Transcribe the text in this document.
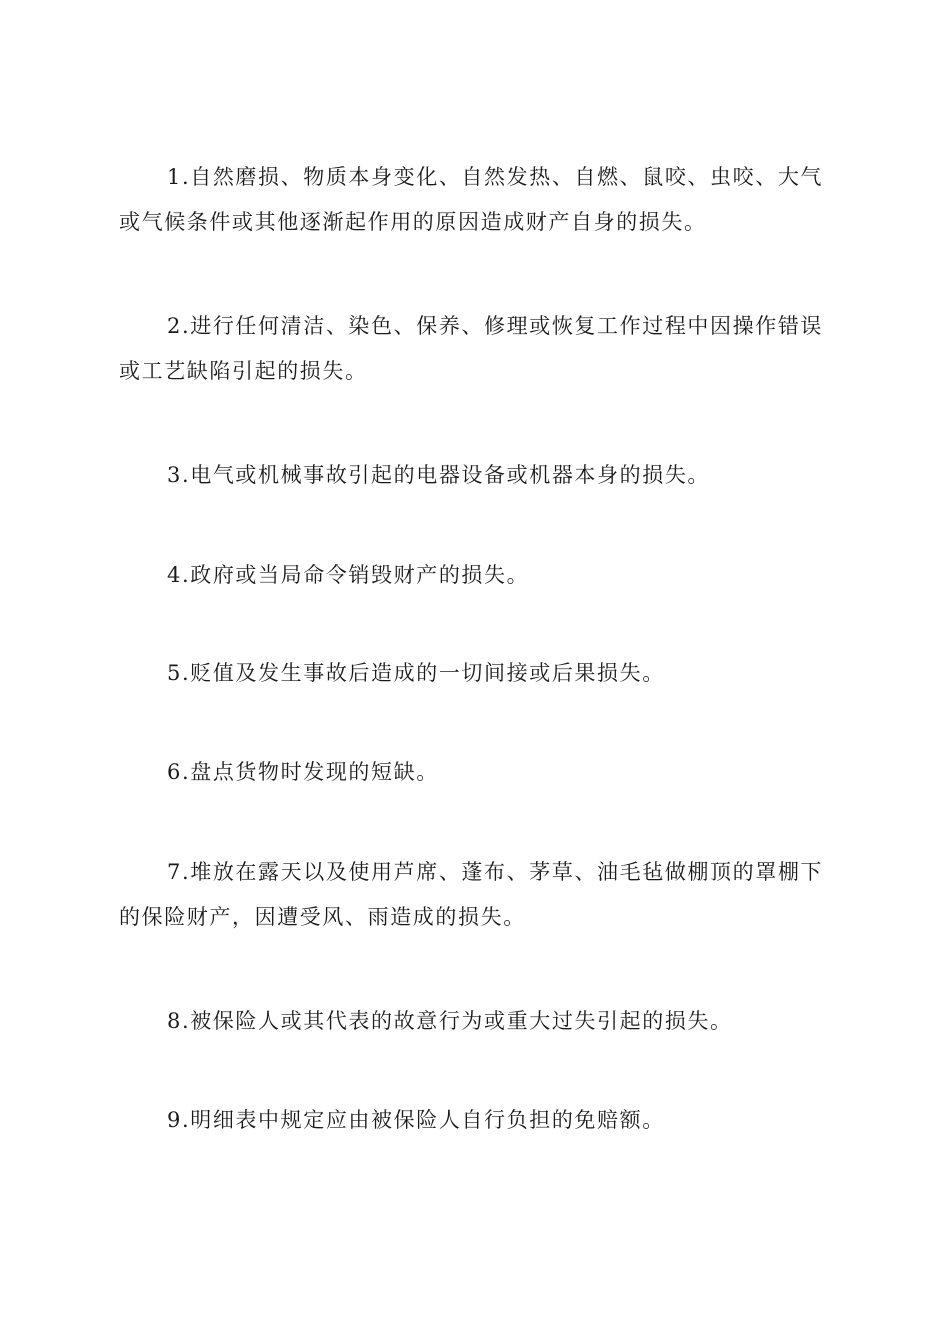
1.自然磨损、物质本身变化、自然发热、自燃、鼠咬、虫咬、大气或气候条件或其他逐渐起作用的原因造成财产自身的损失。

2.进行任何清洁、染色、保养、修理或恢复工作过程中因操作错误或工艺缺陷引起的损失。

3.电气或机械事故引起的电器设备或机器本身的损失。

4.政府或当局命令销毁财产的损失。

5.贬值及发生事故后造成的一切间接或后果损失。

6.盘点货物时发现的短缺。

7.堆放在露天以及使用芦席、蓬布、茅草、油毛毡做棚顶的罩棚下的保险财产，因遭受风、雨造成的损失。

8.被保险人或其代表的故意行为或重大过失引起的损失。

9.明细表中规定应由被保险人自行负担的免赔额。
